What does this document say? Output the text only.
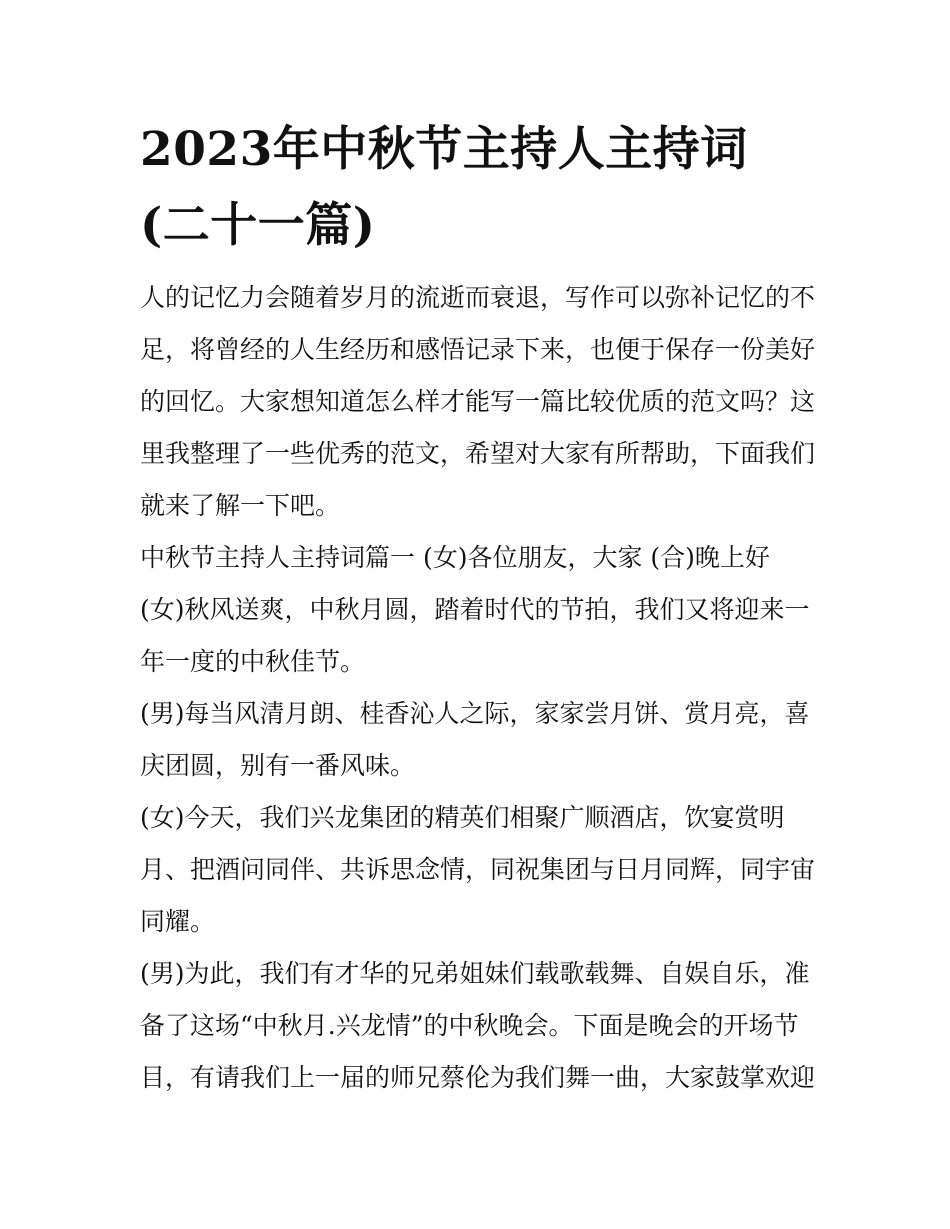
2023年中秋节主持人主持词
(二十一篇)

人的记忆力会随着岁月的流逝而衰退，写作可以弥补记忆的不
足，将曾经的人生经历和感悟记录下来，也便于保存一份美好
的回忆。大家想知道怎么样才能写一篇比较优质的范文吗？这
里我整理了一些优秀的范文，希望对大家有所帮助，下面我们
就来了解一下吧。

中秋节主持人主持词篇一 (女)各位朋友，大家 (合)晚上好

(女)秋风送爽，中秋月圆，踏着时代的节拍，我们又将迎来一
年一度的中秋佳节。

(男)每当风清月朗、桂香沁人之际，家家尝月饼、赏月亮，喜
庆团圆，别有一番风味。

(女)今天，我们兴龙集团的精英们相聚广顺酒店，饮宴赏明
月、把酒问同伴、共诉思念情，同祝集团与日月同辉，同宇宙
同耀。

(男)为此，我们有才华的兄弟姐妹们载歌载舞、自娱自乐，准
备了这场“中秋月.兴龙情”的中秋晚会。下面是晚会的开场节
目，有请我们上一届的师兄蔡伦为我们舞一曲，大家鼓掌欢迎
